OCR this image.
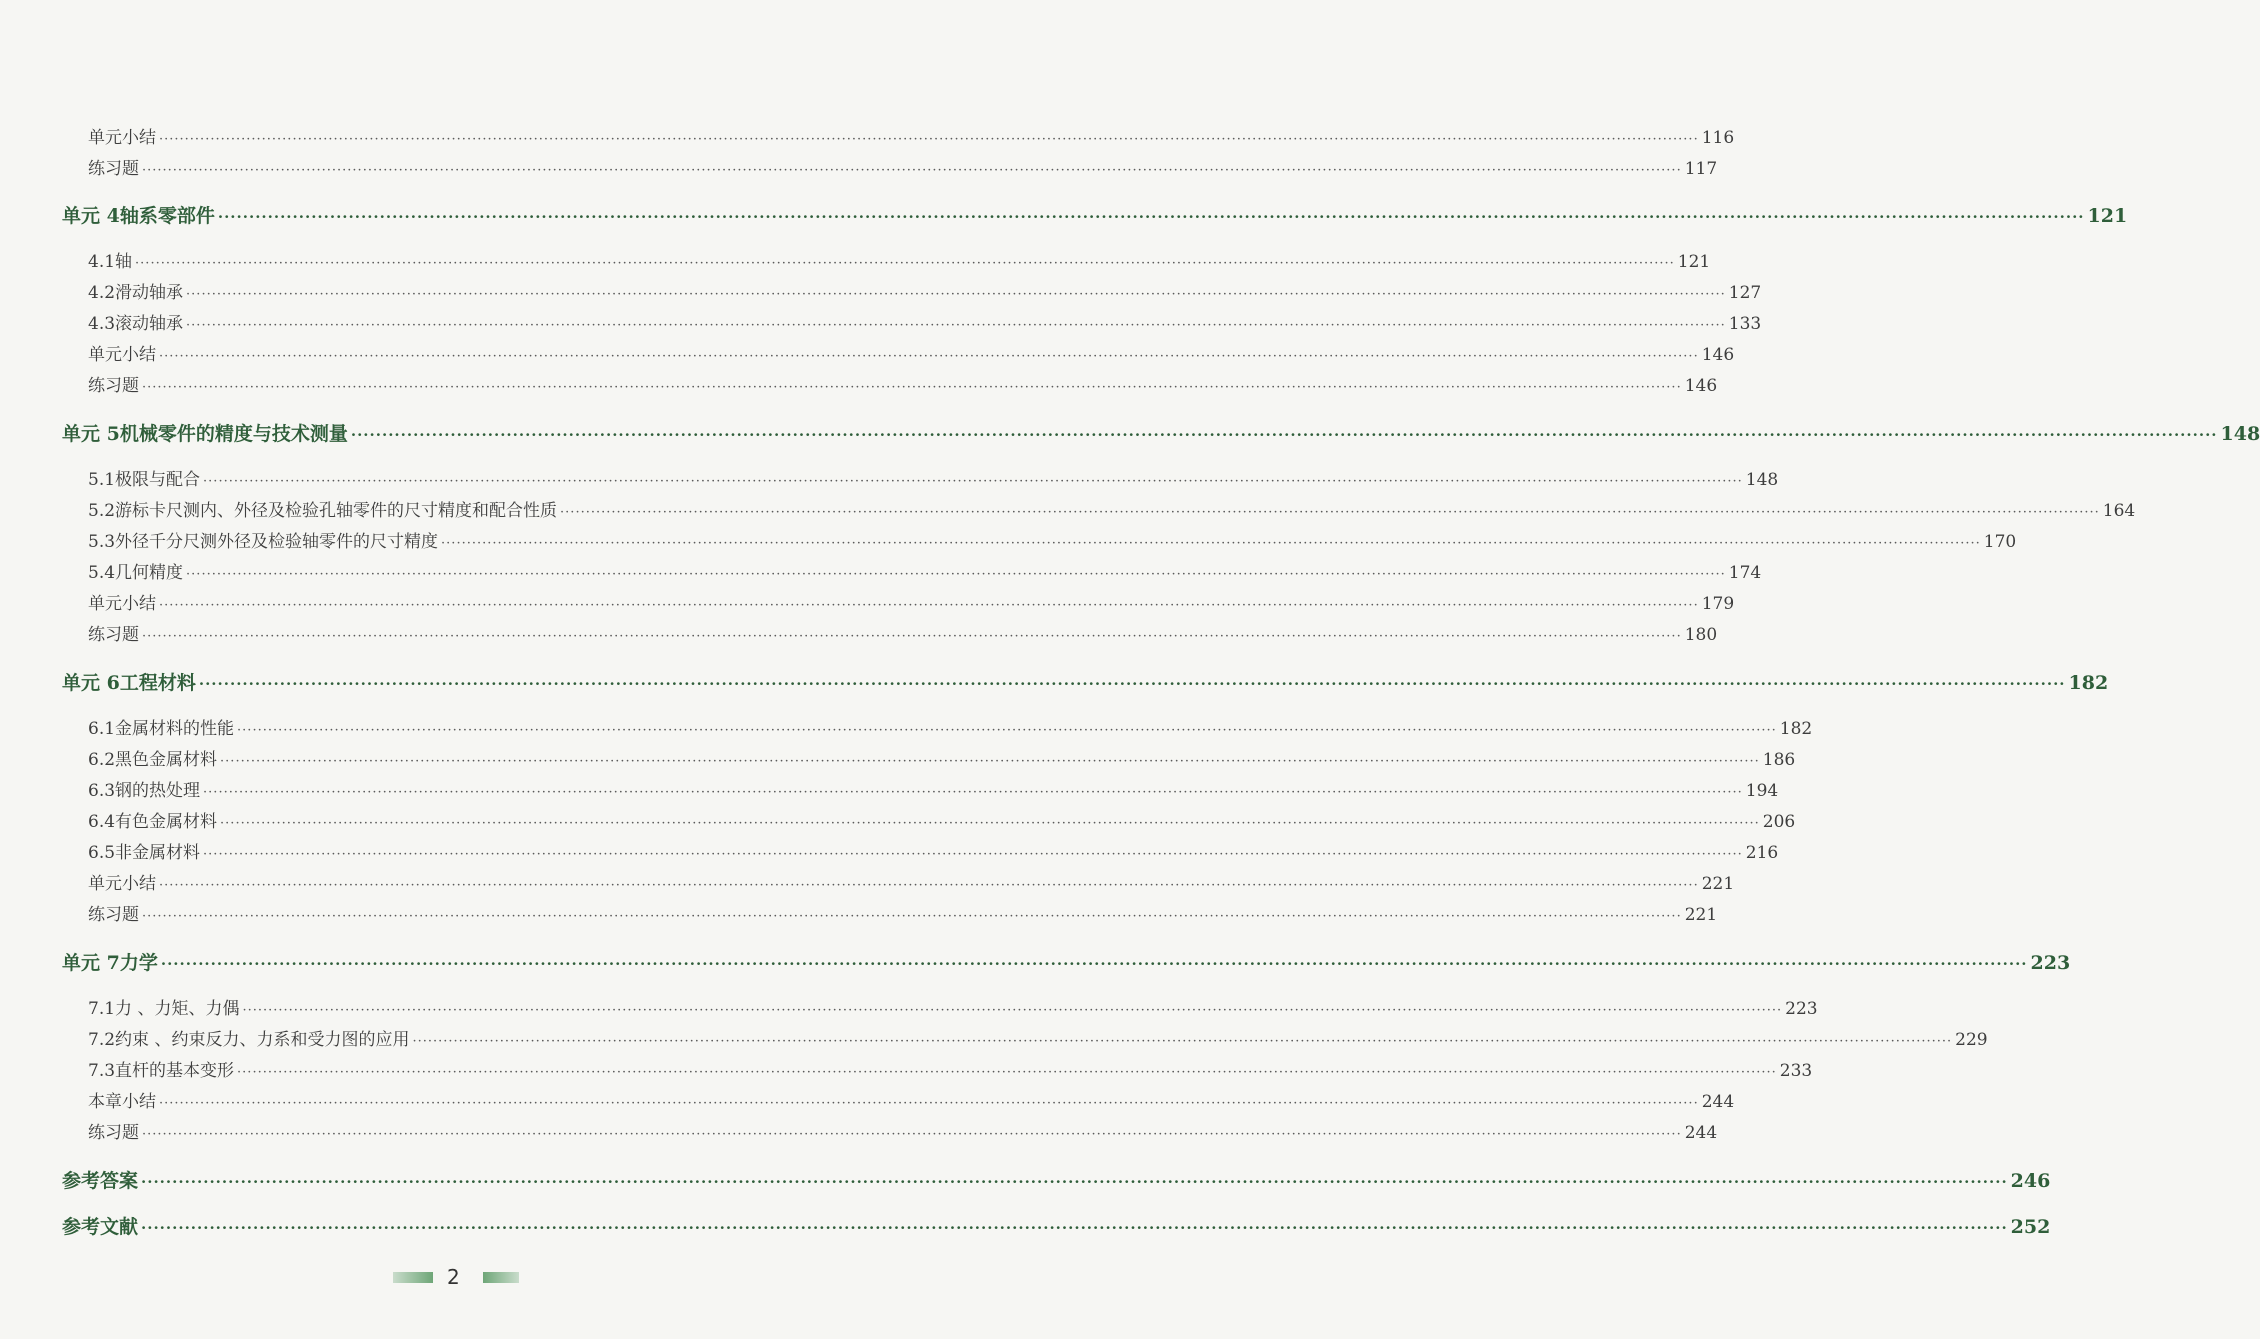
单元小结 ············································································································································································································································································································ 116
练习题 ············································································································································································································································································································ 117
单元 4 轴系零部件 ············································································································································································································································································································ 121
4.1 轴 ············································································································································································································································································································ 121
4.2 滑动轴承 ············································································································································································································································································································ 127
4.3 滚动轴承 ············································································································································································································································································································ 133
单元小结 ············································································································································································································································································································ 146
练习题 ············································································································································································································································································································ 146
单元 5 机械零件的精度与技术测量 ············································································································································································································································································································ 148
5.1 极限与配合 ············································································································································································································································································································ 148
5.2 游标卡尺测内、外径及检验孔轴零件的尺寸精度和配合性质 ············································································································································································································································································································ 164
5.3 外径千分尺测外径及检验轴零件的尺寸精度 ············································································································································································································································································································ 170
5.4 几何精度 ············································································································································································································································································································ 174
单元小结 ············································································································································································································································································································ 179
练习题 ············································································································································································································································································································ 180
单元 6 工程材料 ············································································································································································································································································································ 182
6.1 金属材料的性能 ············································································································································································································································································································ 182
6.2 黑色金属材料 ············································································································································································································································································································ 186
6.3 钢的热处理 ············································································································································································································································································································ 194
6.4 有色金属材料 ············································································································································································································································································································ 206
6.5 非金属材料 ············································································································································································································································································································ 216
单元小结 ············································································································································································································································································································ 221
练习题 ············································································································································································································································································································ 221
单元 7 力学 ············································································································································································································································································································ 223
7.1 力 、力矩、力偶 ············································································································································································································································································································ 223
7.2 约束 、约束反力、力系和受力图的应用 ············································································································································································································································································································ 229
7.3 直杆的基本变形 ············································································································································································································································································································ 233
本章小结 ············································································································································································································································································································ 244
练习题 ············································································································································································································································································································ 244
参考答案 ············································································································································································································································································································ 246
参考文献 ············································································································································································································································································································ 252
2
